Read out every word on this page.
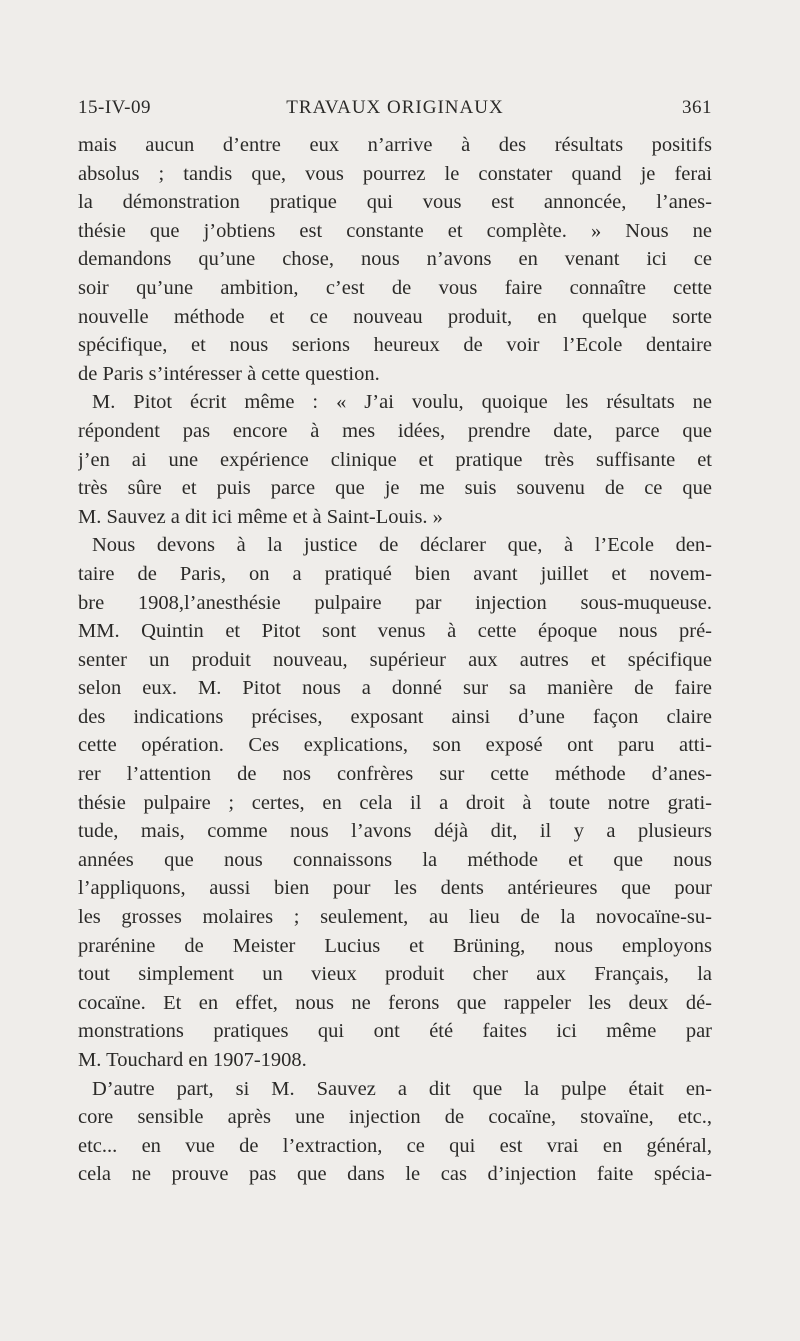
15-IV-09	TRAVAUX ORIGINAUX	361
mais aucun d’entre eux n’arrive à des résultats positifs
absolus ; tandis que, vous pourrez le constater quand je ferai
la démonstration pratique qui vous est annoncée, l’anes-
thésie que j’obtiens est constante et complète. » Nous ne
demandons qu’une chose, nous n’avons en venant ici ce
soir qu’une ambition, c’est de vous faire connaître cette
nouvelle méthode et ce nouveau produit, en quelque sorte
spécifique, et nous serions heureux de voir l’Ecole dentaire
de Paris s’intéresser à cette question.
M. Pitot écrit même : « J’ai voulu, quoique les résultats ne
répondent pas encore à mes idées, prendre date, parce que
j’en ai une expérience clinique et pratique très suffisante et
très sûre et puis parce que je me suis souvenu de ce que
M. Sauvez a dit ici même et à Saint-Louis. »
Nous devons à la justice de déclarer que, à l’Ecole den-
taire de Paris, on a pratiqué bien avant juillet et novem-
bre 1908,l’anesthésie pulpaire par injection sous-muqueuse.
MM. Quintin et Pitot sont venus à cette époque nous pré-
senter un produit nouveau, supérieur aux autres et spécifique
selon eux. M. Pitot nous a donné sur sa manière de faire
des indications précises, exposant ainsi d’une façon claire
cette opération. Ces explications, son exposé ont paru atti-
rer l’attention de nos confrères sur cette méthode d’anes-
thésie pulpaire ; certes, en cela il a droit à toute notre grati-
tude, mais, comme nous l’avons déjà dit, il y a plusieurs
années que nous connaissons la méthode et que nous
l’appliquons, aussi bien pour les dents antérieures que pour
les grosses molaires ; seulement, au lieu de la novocaïne-su-
prarénine de Meister Lucius et Brüning, nous employons
tout simplement un vieux produit cher aux Français, la
cocaïne. Et en effet, nous ne ferons que rappeler les deux dé-
monstrations pratiques qui ont été faites ici même par
M. Touchard en 1907-1908.
D’autre part, si M. Sauvez a dit que la pulpe était en-
core sensible après une injection de cocaïne, stovaïne, etc.,
etc... en vue de l’extraction, ce qui est vrai en général,
cela ne prouve pas que dans le cas d’injection faite spécia-
